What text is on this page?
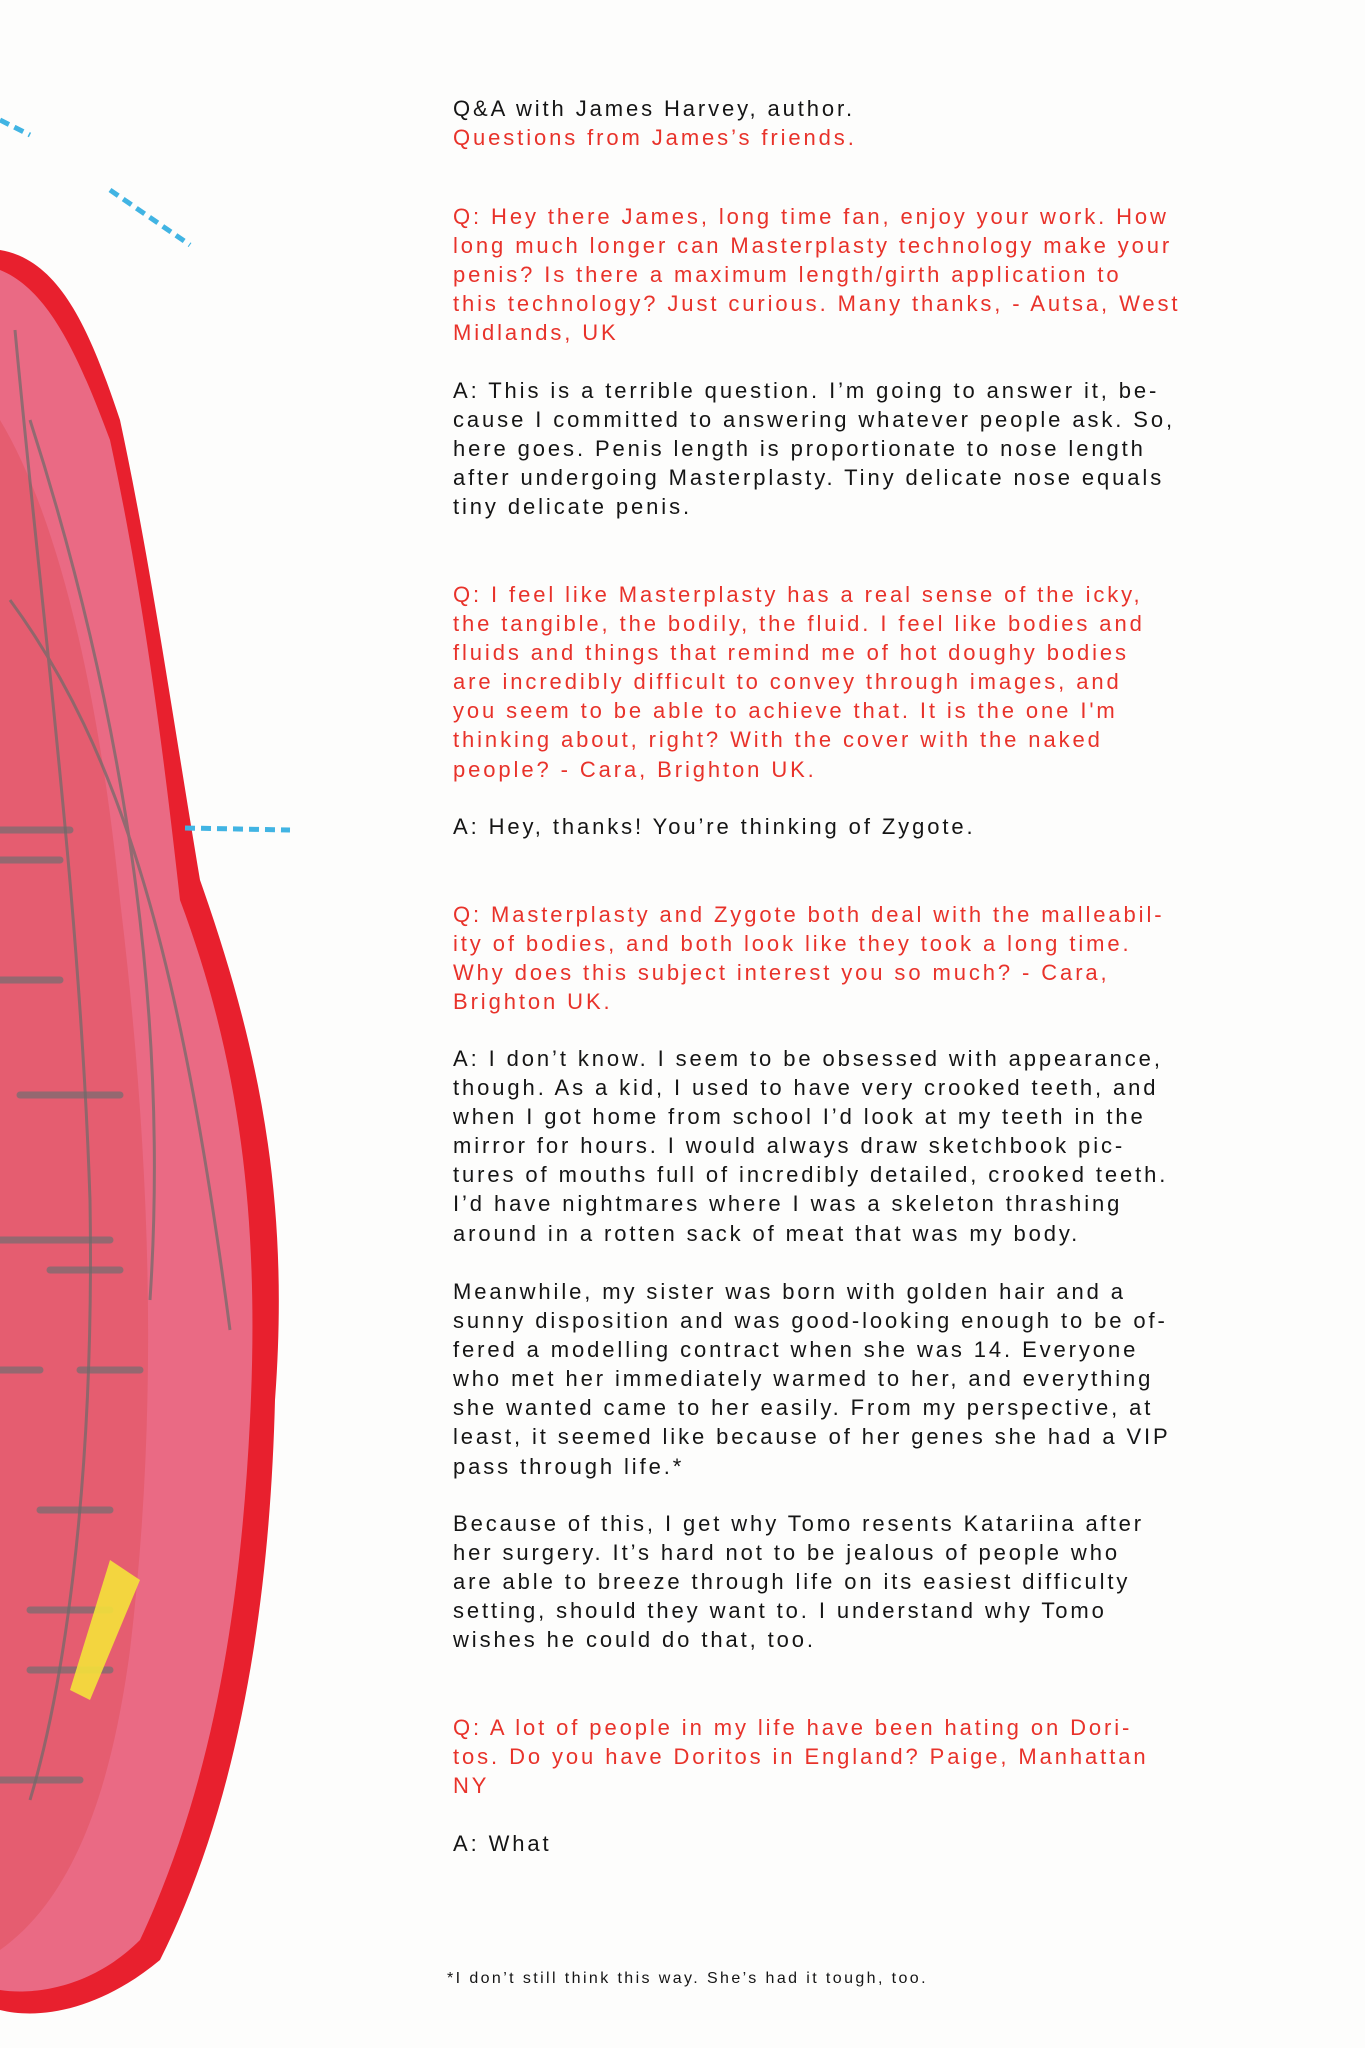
Q&A with James Harvey, author.
Questions from James’s friends.

Q: Hey there James, long time fan, enjoy your work. How
long much longer can Masterplasty technology make your
penis? Is there a maximum length/girth application to
this technology? Just curious. Many thanks, - Autsa, West
Midlands, UK

A: This is a terrible question. I’m going to answer it, be-
cause I committed to answering whatever people ask. So,
here goes. Penis length is proportionate to nose length
after undergoing Masterplasty. Tiny delicate nose equals
tiny delicate penis.

Q: I feel like Masterplasty has a real sense of the icky,
the tangible, the bodily, the fluid. I feel like bodies and
fluids and things that remind me of hot doughy bodies
are incredibly difficult to convey through images, and
you seem to be able to achieve that. It is the one I'm
thinking about, right? With the cover with the naked
people? - Cara, Brighton UK.

A: Hey, thanks! You’re thinking of Zygote.

Q: Masterplasty and Zygote both deal with the malleabil-
ity of bodies, and both look like they took a long time.
Why does this subject interest you so much? - Cara,
Brighton UK.

A: I don’t know. I seem to be obsessed with appearance,
though. As a kid, I used to have very crooked teeth, and
when I got home from school I’d look at my teeth in the
mirror for hours. I would always draw sketchbook pic-
tures of mouths full of incredibly detailed, crooked teeth.
I’d have nightmares where I was a skeleton thrashing
around in a rotten sack of meat that was my body.

Meanwhile, my sister was born with golden hair and a
sunny disposition and was good-looking enough to be of-
fered a modelling contract when she was 14. Everyone
who met her immediately warmed to her, and everything
she wanted came to her easily. From my perspective, at
least, it seemed like because of her genes she had a VIP
pass through life.*

Because of this, I get why Tomo resents Katariina after
her surgery. It’s hard not to be jealous of people who
are able to breeze through life on its easiest difficulty
setting, should they want to. I understand why Tomo
wishes he could do that, too.

Q: A lot of people in my life have been hating on Dori-
tos. Do you have Doritos in England? Paige, Manhattan
NY

A: What

*I don’t still think this way. She’s had it tough, too.
